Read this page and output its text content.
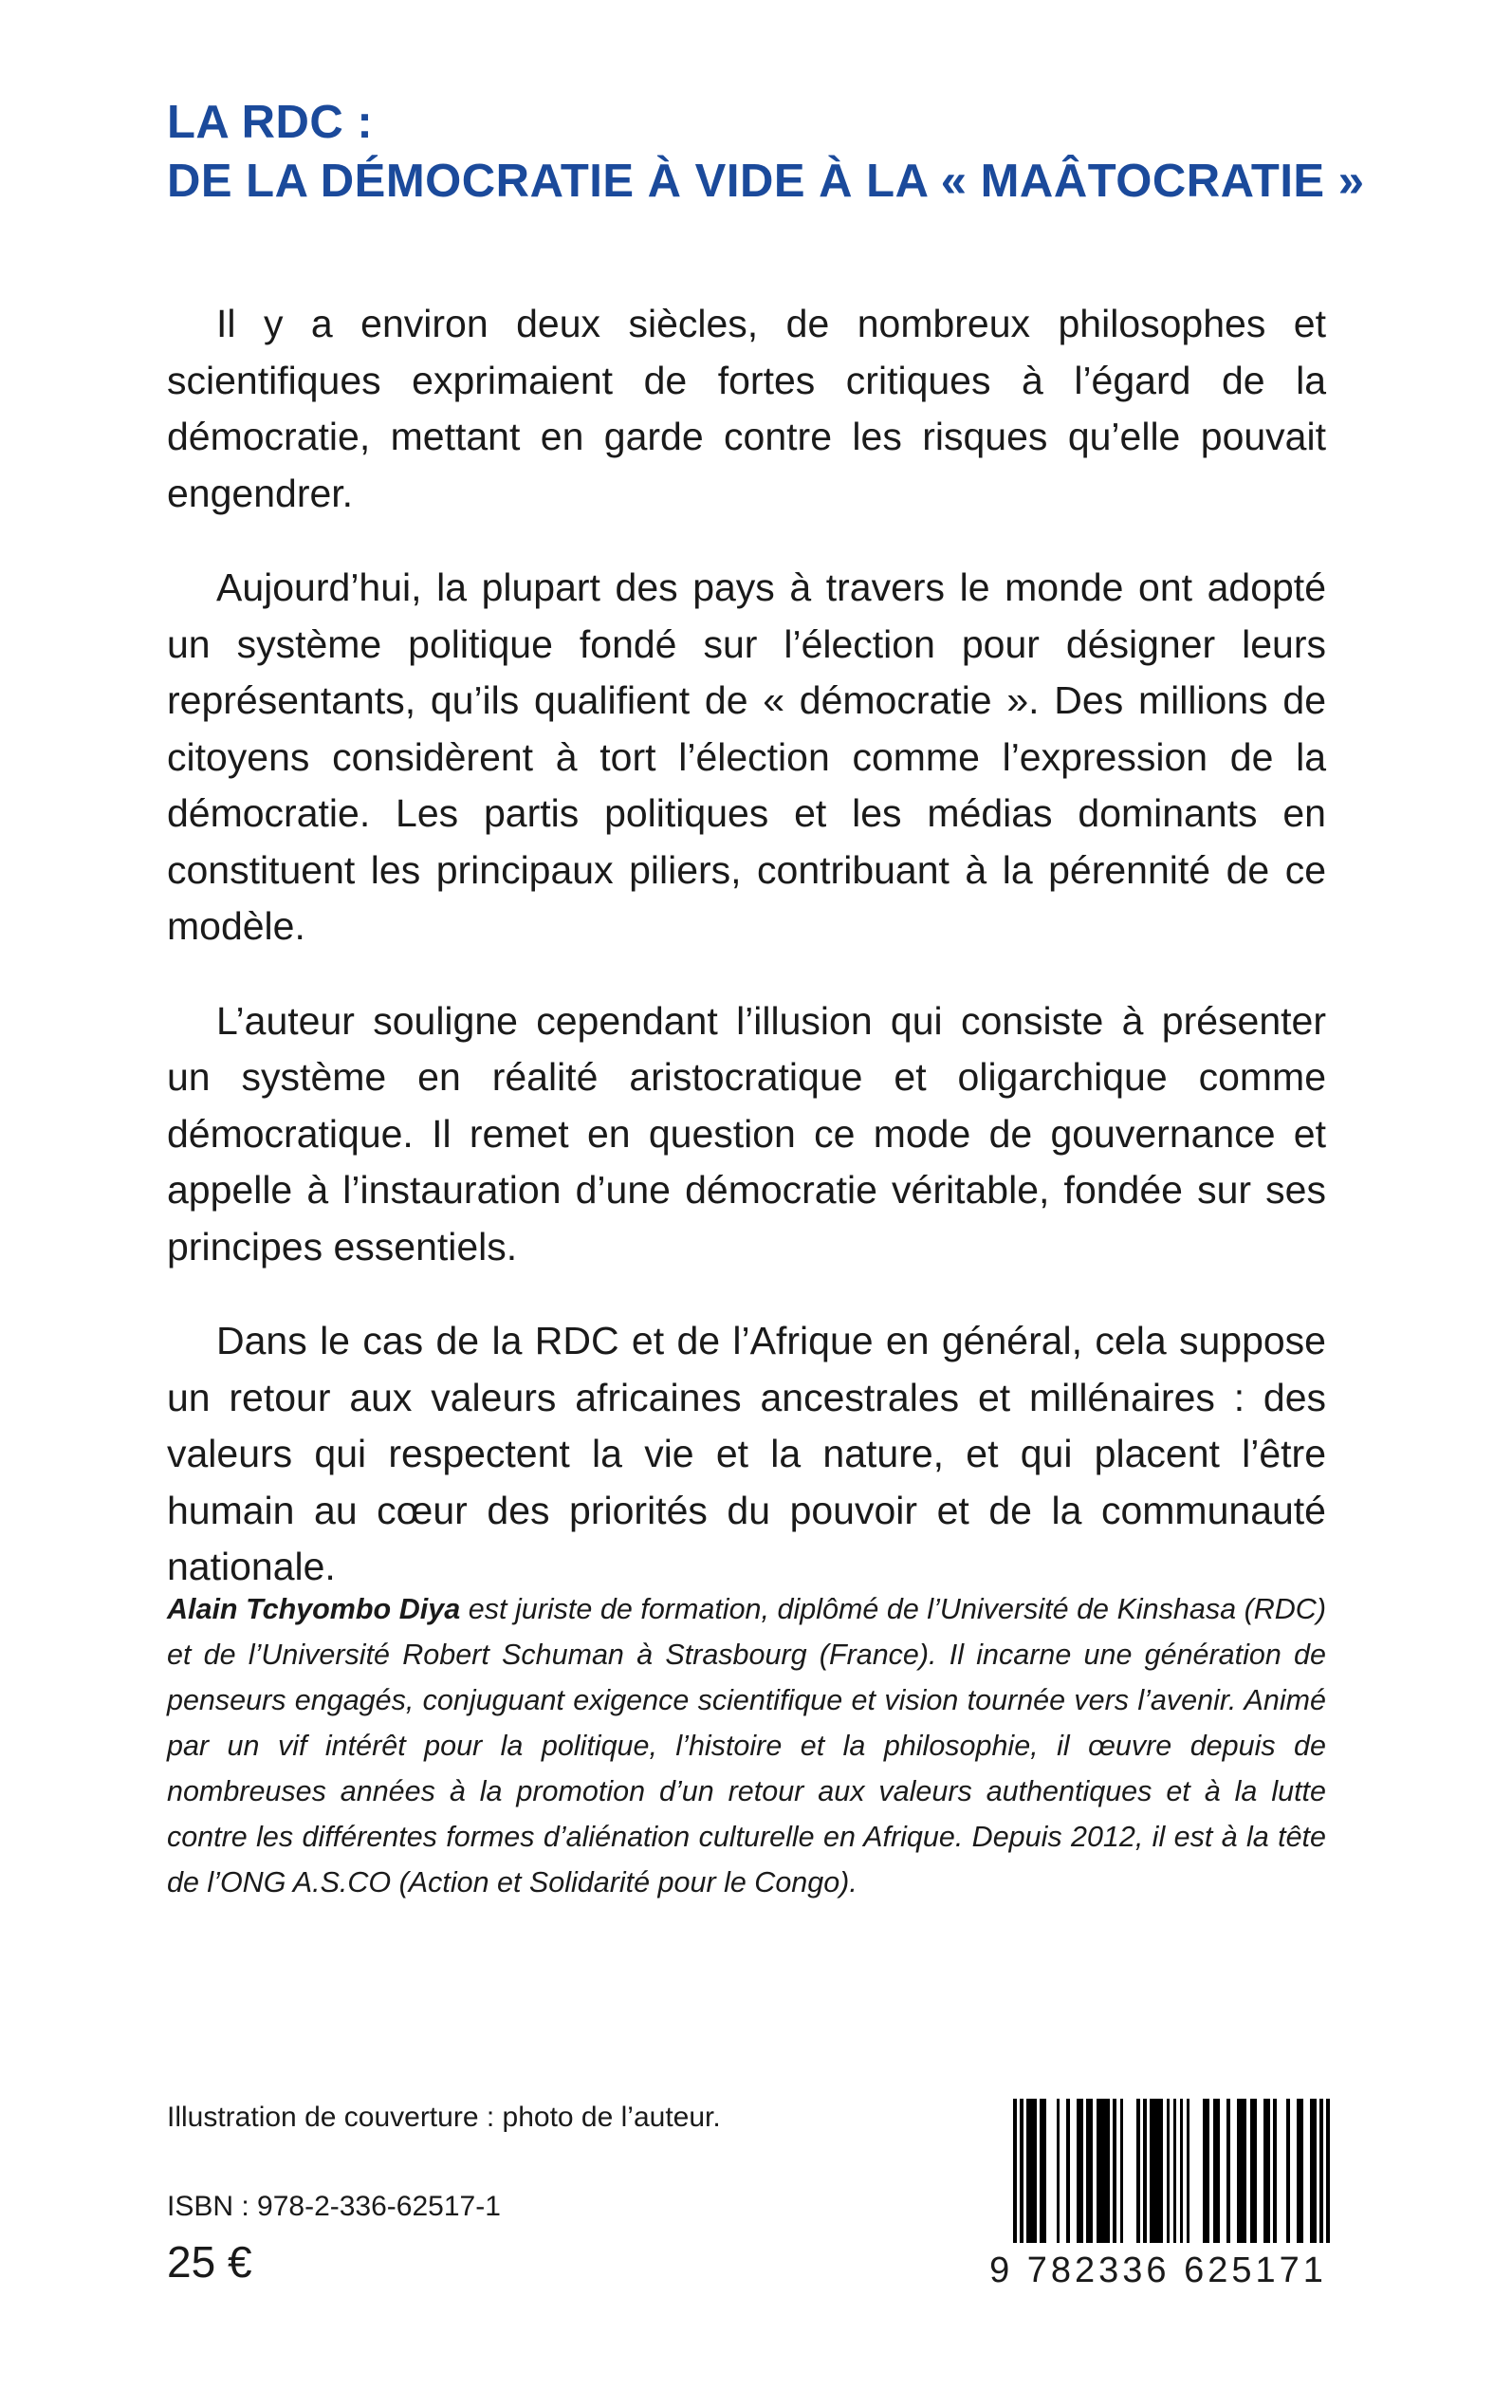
LA RDC :
DE LA DÉMOCRATIE À VIDE À LA « MAÂTOCRATIE »

Il y a environ deux siècles, de nombreux philosophes et scientifiques exprimaient de fortes critiques à l’égard de la démocratie, mettant en garde contre les risques qu’elle pouvait engendrer.

Aujourd’hui, la plupart des pays à travers le monde ont adopté un système politique fondé sur l’élection pour désigner leurs représentants, qu’ils qualifient de « démocratie ». Des millions de citoyens considèrent à tort l’élection comme l’expression de la démocratie. Les partis politiques et les médias dominants en constituent les principaux piliers, contribuant à la pérennité de ce modèle.

L’auteur souligne cependant l’illusion qui consiste à présenter un système en réalité aristocratique et oligarchique comme démocratique. Il remet en question ce mode de gouvernance et appelle à l’instauration d’une démocratie véritable, fondée sur ses principes essentiels.

Dans le cas de la RDC et de l’Afrique en général, cela suppose un retour aux valeurs africaines ancestrales et millénaires : des valeurs qui respectent la vie et la nature, et qui placent l’être humain au cœur des priorités du pouvoir et de la communauté nationale.

Alain Tchyombo Diya est juriste de formation, diplômé de l’Université de Kinshasa (RDC) et de l’Université Robert Schuman à Strasbourg (France). Il incarne une génération de penseurs engagés, conjuguant exigence scientifique et vision tournée vers l’avenir. Animé par un vif intérêt pour la politique, l’histoire et la philosophie, il œuvre depuis de nombreuses années à la promotion d’un retour aux valeurs authentiques et à la lutte contre les différentes formes d’aliénation culturelle en Afrique. Depuis 2012, il est à la tête de l’ONG A.S.CO (Action et Solidarité pour le Congo).

Illustration de couverture : photo de l’auteur.

ISBN : 978-2-336-62517-1

25 €	9 782336 625171
